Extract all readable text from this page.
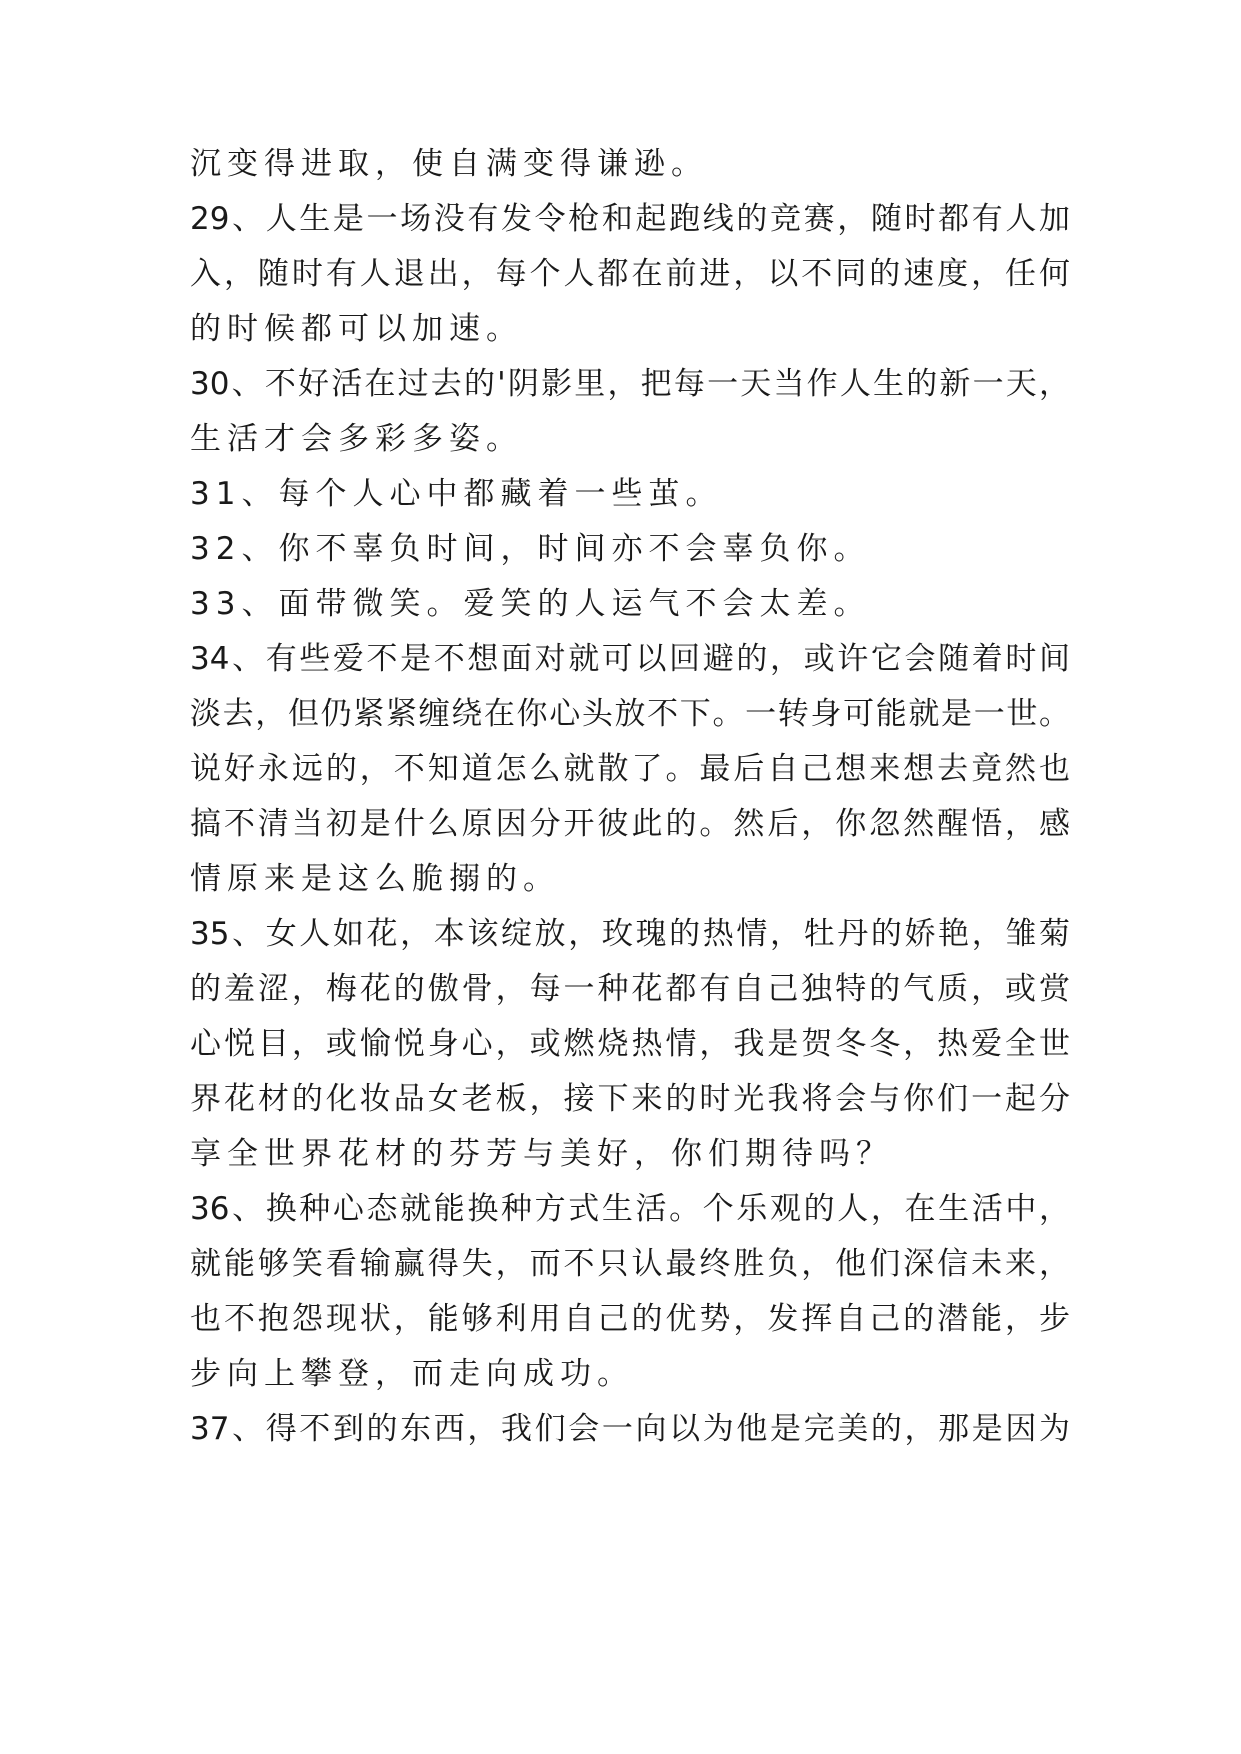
沉变得进取，使自满变得谦逊。
29、人生是一场没有发令枪和起跑线的竞赛，随时都有人加
入，随时有人退出，每个人都在前进，以不同的速度，任何
的时候都可以加速。
30、不好活在过去的'阴影里，把每一天当作人生的新一天，
生活才会多彩多姿。
31、每个人心中都藏着一些茧。
32、你不辜负时间，时间亦不会辜负你。
33、面带微笑。爱笑的人运气不会太差。
34、有些爱不是不想面对就可以回避的，或许它会随着时间
淡去，但仍紧紧缠绕在你心头放不下。一转身可能就是一世。
说好永远的，不知道怎么就散了。最后自己想来想去竟然也
搞不清当初是什么原因分开彼此的。然后，你忽然醒悟，感
情原来是这么脆搦的。
35、女人如花，本该绽放，玫瑰的热情，牡丹的娇艳，雏菊
的羞涩，梅花的傲骨，每一种花都有自己独特的气质，或赏
心悦目，或愉悦身心，或燃烧热情，我是贺冬冬，热爱全世
界花材的化妆品女老板，接下来的时光我将会与你们一起分
享全世界花材的芬芳与美好，你们期待吗？
36、换种心态就能换种方式生活。个乐观的人，在生活中，
就能够笑看输赢得失，而不只认最终胜负，他们深信未来，
也不抱怨现状，能够利用自己的优势，发挥自己的潜能，步
步向上攀登，而走向成功。
37、得不到的东西，我们会一向以为他是完美的，那是因为
